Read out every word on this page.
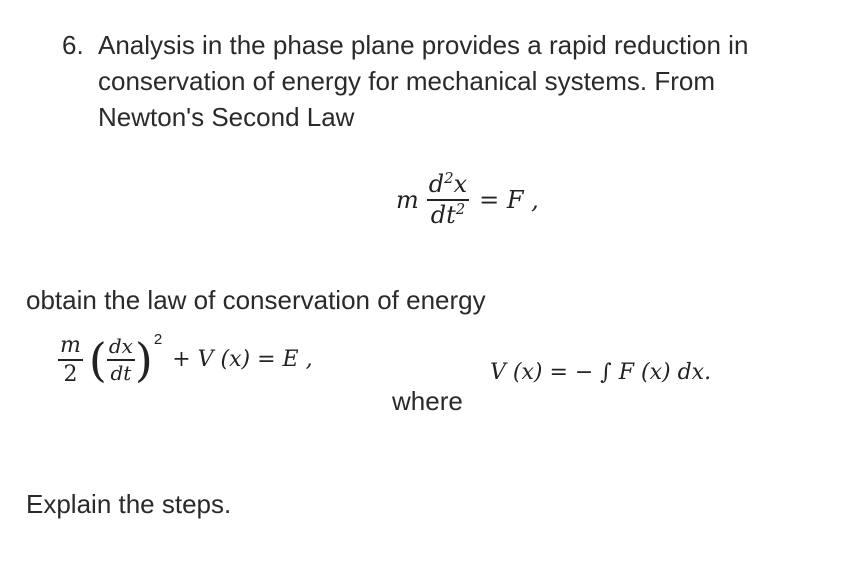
6. Analysis in the phase plane provides a rapid reduction in
conservation of energy for mechanical systems. From
Newton's Second Law
m $\frac{d^2x}{dt^2} = F$ ,
obtain the law of conservation of energy
$\frac{m}{2}$ ( $\frac{dx}{dt}$ ) 2
+ V (x) = E ,
where
V (x) = − ∫ F (x) dx.
Explain the steps.
